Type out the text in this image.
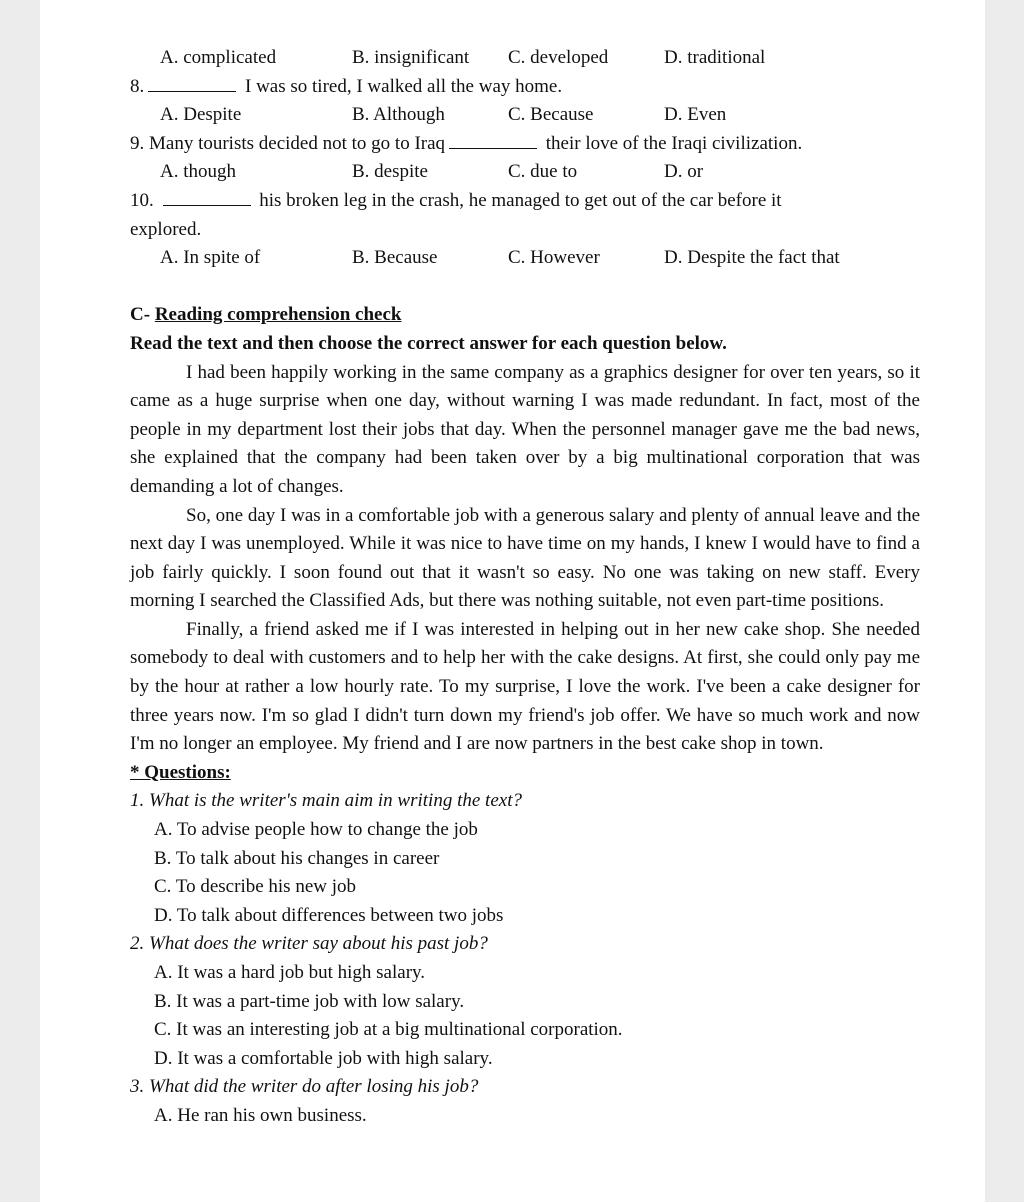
A. complicated	B. insignificant C. developed	D. traditional
8.	I was so tired, I walked all the way home.
A. Despite	B. Although	C. Because	D. Even
9. Many tourists decided not to go to Iraq	their love of the Iraqi civilization.
A. though	B. despite	C. due to	D. or
10.	his broken leg in the crash, he managed to get out of the car before it
explored.
A. In spite of	B. Because	C. However	D. Despite the fact that
C- Reading comprehension check
Read the text and then choose the correct answer for each question below.

I had been happily working in the same company as a graphics designer for over ten years, so it came as a huge surprise when one day, without warning I was made redundant. In fact, most of the people in my department lost their jobs that day. When the personnel manager gave me the bad news, she explained that the company had been taken over by a big multinational corporation that was demanding a lot of changes.

So, one day I was in a comfortable job with a generous salary and plenty of annual leave and the next day I was unemployed. While it was nice to have time on my hands, I knew I would have to find a job fairly quickly. I soon found out that it wasn't so easy. No one was taking on new staff. Every morning I searched the Classified Ads, but there was nothing suitable, not even part-time positions.

Finally, a friend asked me if I was interested in helping out in her new cake shop. She needed somebody to deal with customers and to help her with the cake designs. At first, she could only pay me by the hour at rather a low hourly rate. To my surprise, I love the work. I've been a cake designer for three years now. I'm so glad I didn't turn down my friend's job offer. We have so much work and now I'm no longer an employee. My friend and I are now partners in the best cake shop in town.

* Questions:
1. What is the writer's main aim in writing the text?
A. To advise people how to change the job
B. To talk about his changes in career
C. To describe his new job
D. To talk about differences between two jobs
2. What does the writer say about his past job?
A. It was a hard job but high salary.
B. It was a part-time job with low salary.
C. It was an interesting job at a big multinational corporation.
D. It was a comfortable job with high salary.
3. What did the writer do after losing his job?
A. He ran his own business.
